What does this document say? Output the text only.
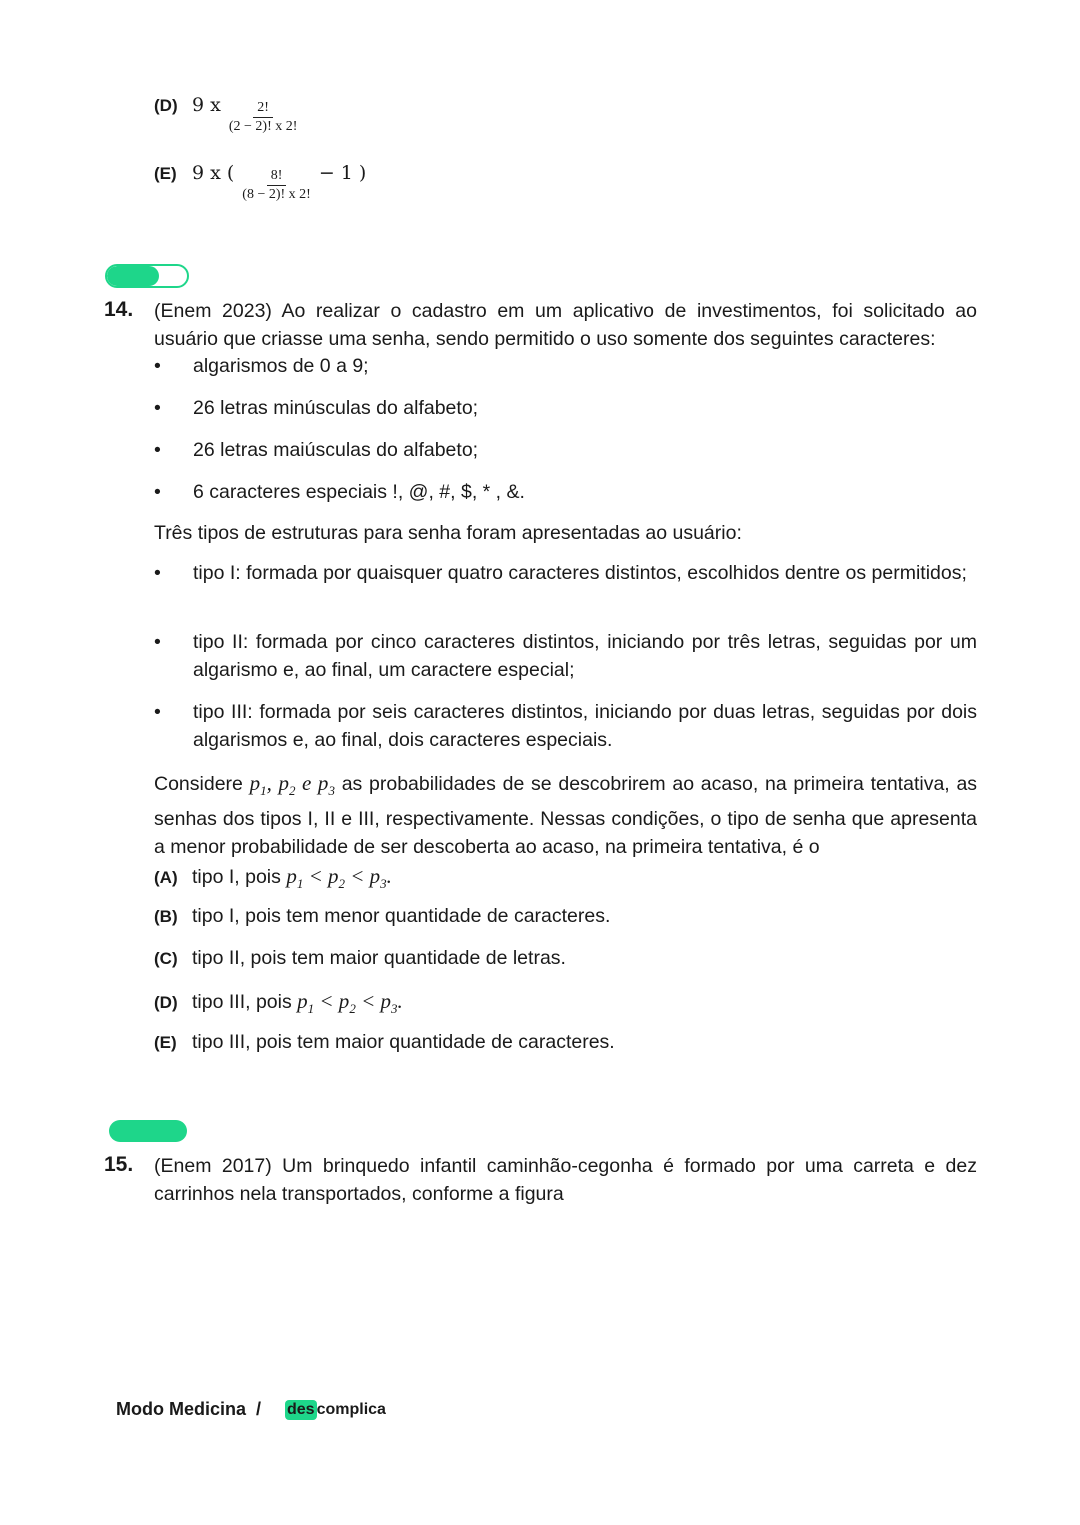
(D) 9 x $\frac{2!}{(2 - 2)! x 2!}$
(E) 9 x ( $\frac{8!}{(8 - 2)! x 2!} - 1$ )
14. (Enem 2023) Ao realizar o cadastro em um aplicativo de investimentos, foi solicitado ao usuário que criasse uma senha, sendo permitido o uso somente dos seguintes caracteres:
•	algarismos de 0 a 9;
•	26 letras minúsculas do alfabeto;
•	26 letras maiúsculas do alfabeto;
•	6 caracteres especiais !, @, #, $, * , &.
Três tipos de estruturas para senha foram apresentadas ao usuário:
•	tipo I: formada por quaisquer quatro caracteres distintos, escolhidos dentre os permitidos;
•	tipo II: formada por cinco caracteres distintos, iniciando por três letras, seguidas por um algarismo e, ao final, um caractere especial;
•	tipo III: formada por seis caracteres distintos, iniciando por duas letras, seguidas por dois algarismos e, ao final, dois caracteres especiais.
Considere $p_1$, $p_2$ e $p_3$ as probabilidades de se descobrirem ao acaso, na primeira tentativa, as senhas dos tipos I, II e III, respectivamente. Nessas condições, o tipo de senha que apresenta a menor probabilidade de ser descoberta ao acaso, na primeira tentativa, é o
(A) tipo I, pois
$p_1 < p_2 < p_3$.
(B) tipo I, pois tem menor quantidade de caracteres.
(C) tipo II, pois tem maior quantidade de letras.
(D) tipo III, pois
$p_1 < p_2 < p_3$.
(E) tipo III, pois tem maior quantidade de caracteres.
15. (Enem 2017) Um brinquedo infantil caminhão-cegonha é formado por uma carreta e dez carrinhos nela transportados, conforme a figura
Modo Medicina / des complica
